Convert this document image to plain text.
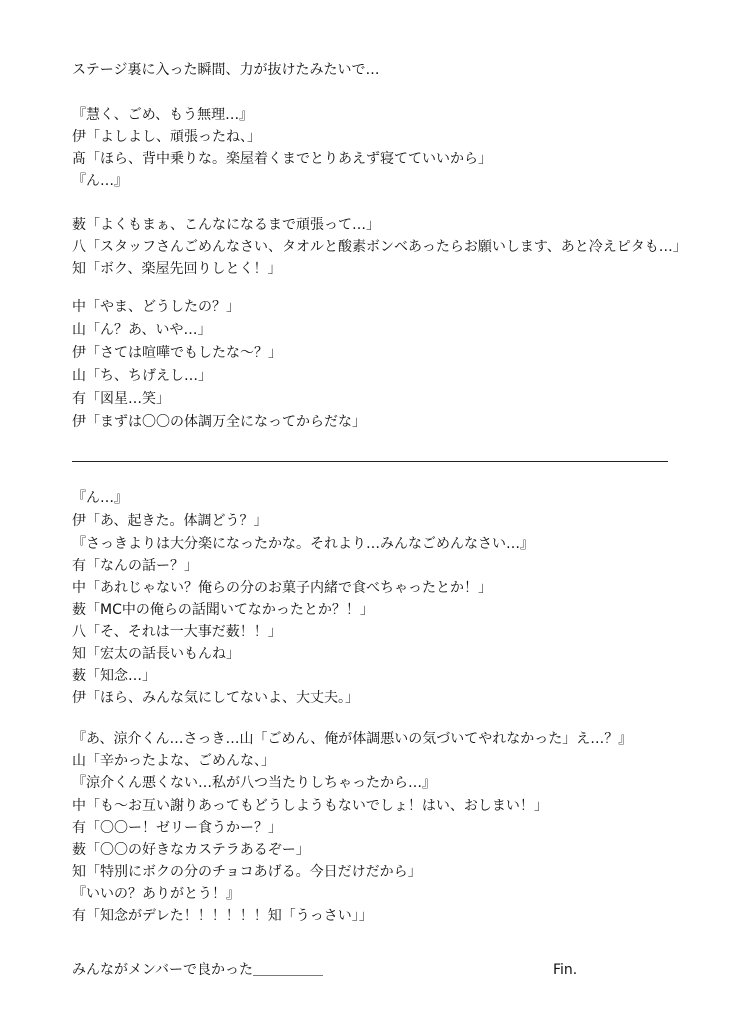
ステージ裏に入った瞬間、力が抜けたみたいで…
『慧く、ごめ、もう無理…』
伊「よしよし、頑張ったね、」
髙「ほら、背中乗りな。楽屋着くまでとりあえず寝てていいから」
『ん…』
薮「よくもまぁ、こんなになるまで頑張って…」
八「スタッフさんごめんなさい、タオルと酸素ボンベあったらお願いします、あと冷えピタも…」
知「ボク、楽屋先回りしとく！」
中「やま、どうしたの？」
山「ん？あ、いや…」
伊「さては喧嘩でもしたな〜？」
山「ち、ちげえし…」
有「図星…笑」
伊「まずは〇〇の体調万全になってからだな」
『ん…』
伊「あ、起きた。体調どう？」
『さっきよりは大分楽になったかな。それより…みんなごめんなさい…』
有「なんの話ー？」
中「あれじゃない？俺らの分のお菓子内緒で食べちゃったとか！」
薮「MC中の俺らの話聞いてなかったとか？！」
八「そ、それは一大事だ薮！！」
知「宏太の話長いもんね」
薮「知念…」
伊「ほら、みんな気にしてないよ、大丈夫。」
『あ、涼介くん…さっき…山「ごめん、俺が体調悪いの気づいてやれなかった」え…？』
山「辛かったよな、ごめんな、」
『涼介くん悪くない…私が八つ当たりしちゃったから…』
中「も〜お互い謝りあってもどうしようもないでしょ！はい、おしまい！」
有「〇〇ー！ゼリー食うかー？」
薮「〇〇の好きなカステラあるぞー」
知「特別にボクの分のチョコあげる。今日だけだから」
『いいの？ありがとう！』
有「知念がデレた！！！！！！知「うっさい」」
みんながメンバーで良かった＿＿＿＿＿	Fin.
